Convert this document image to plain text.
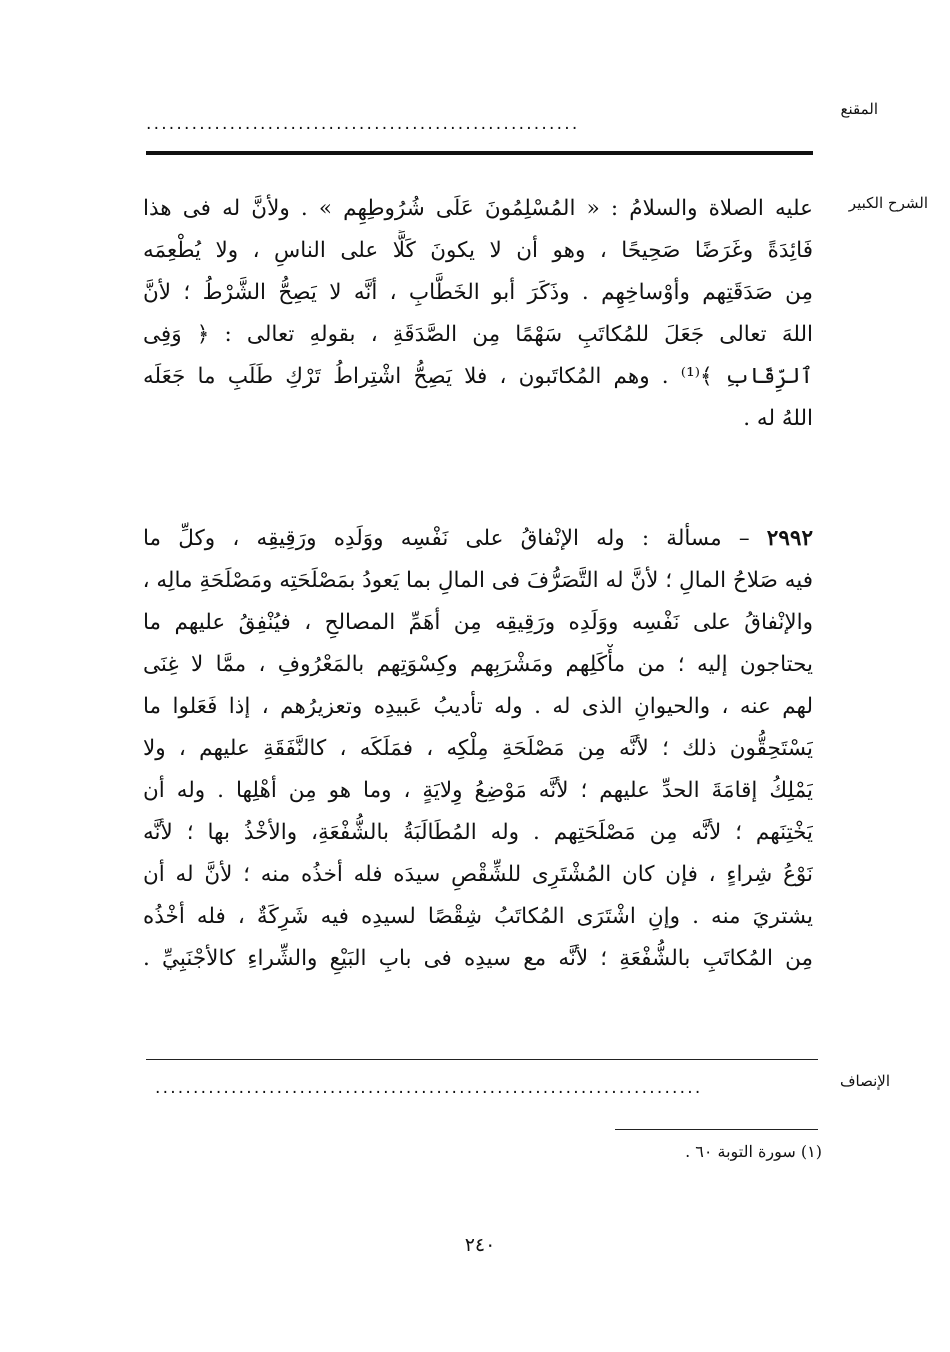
المقنع
.........................................................
الشرح الكبير
عليه الصلاة والسلامُ : « المُسْلِمُونَ عَلَى شُرُوطِهِم » . ولأنَّ له فى هذا
فَائِدَةً وغَرَضًا صَحِيحًا ، وهو أن لا يكونَ كَلًّا على الناسِ ، ولا يُطْعِمَه
مِن صَدَقَتِهم وأوْساخِهِم . وذَكَرَ أبو الخَطَّابِ ، أنَّه لا يَصِحُّ الشَّرْطُ ؛ لأنَّ
اللهَ تعالى جَعَلَ للمُكاتَبِ سَهْمًا مِن الصَّدَقَةِ ، بقولهِ تعالى : ﴿ وَفِى
ٱلرِّقَابِ ﴾⁽¹⁾ . وهم المُكاتَبون ، فلا يَصِحُّ اشْتِراطُ تَرْكِ طَلَبِ ما جَعَلَه
اللهُ له .
٢٩٩٢ – مسألة : وله الإنْفاقُ على نَفْسِه ووَلَدِه ورَقِيقِه ، وكلِّ ما
فيه صَلاحُ المالِ ؛ لأنَّ له التَّصَرُّفَ فى المالِ بما يَعودُ بمَصْلَحَتِه ومَصْلَحَةِ مالِه ،
والإنْفاقُ على نَفْسِه ووَلَدِه ورَقِيقِه مِن أهَمِّ المصالحِ ، فيُنْفِقُ عليهم ما
يحتاجون إليه ؛ من مأْكَلِهم ومَشْرَبِهم وكِسْوَتِهم بالمَعْرُوفِ ، ممَّا لا غِنَى
لهم عنه ، والحيوانِ الذى له . وله تأديبُ عَبيدِه وتعزيرُهم ، إذا فَعَلوا ما
يَسْتَحِقُّون ذلك ؛ لأنَّه مِن مَصْلَحَةِ مِلْكِه ، فمَلَكَه ، كالنَّفَقَةِ عليهم ، ولا
يَمْلِكُ إقامَةَ الحدِّ عليهم ؛ لأنَّه مَوْضِعُ وِلايَةٍ ، وما هو مِن أهْلِها . وله أن
يَخْتِنَهم ؛ لأنَّه مِن مَصْلَحَتِهم . وله المُطَالَبَةُ بالشُّفْعَةِ، والأخْذُ بها ؛ لأنَّه
نَوْعُ شِراءٍ ، فإن كان المُشْتَرِى للشِّقْصِ سيدَه فله أخذُه منه ؛ لأنَّ له أن
يشتريَ منه . وإنِ اشْتَرَى المُكاتَبُ شِقْصًا لسيدِه فيه شَرِكَةٌ ، فله أخْذُه
مِن المُكاتَبِ بالشُّفْعَةِ ؛ لأنَّه مع سيدِه فى بابِ البَيْعِ والشِّراءِ كالأجْنَبِيِّ .
الإنصاف
........................................................................
(١) سورة التوبة ٦٠ .
٢٤٠
